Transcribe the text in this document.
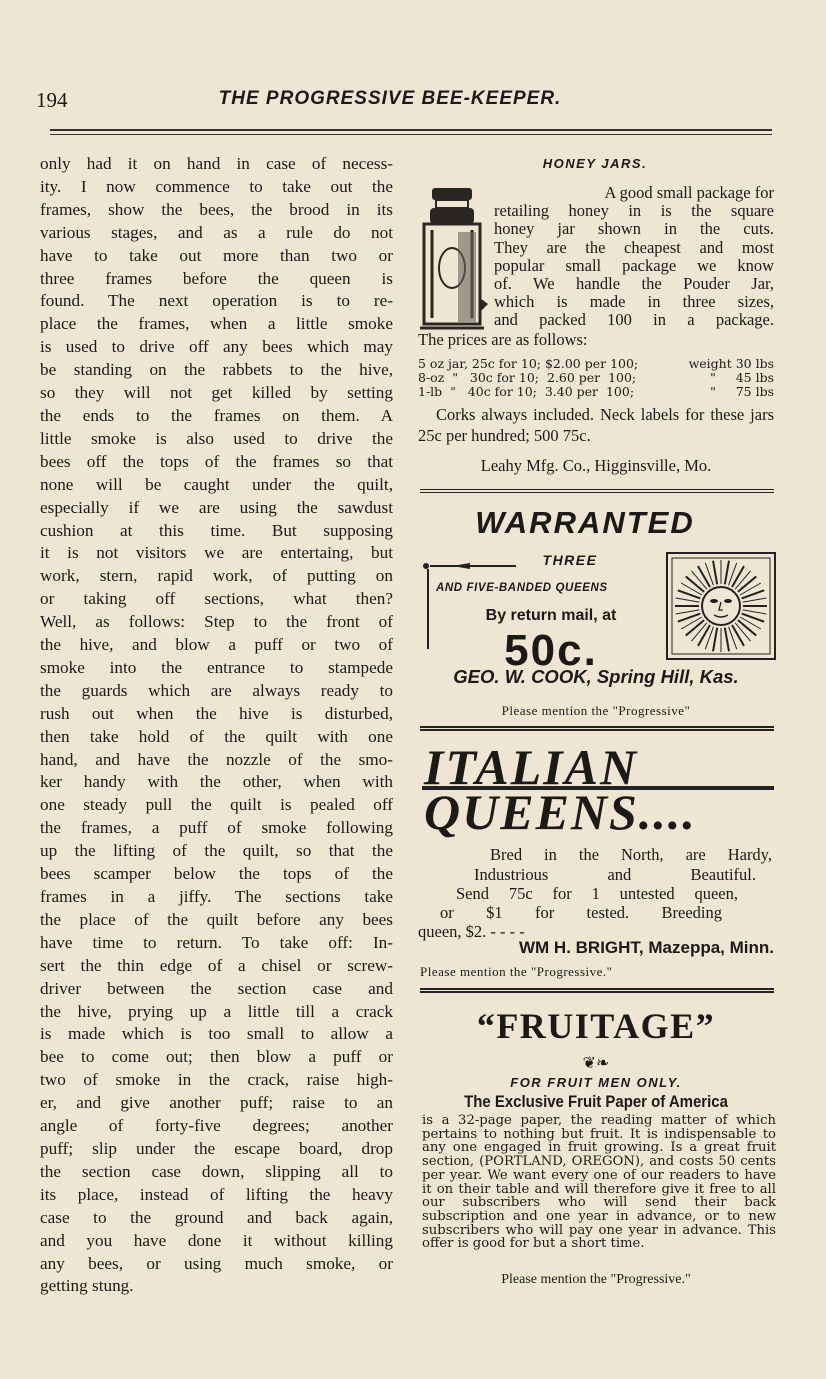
194	THE PROGRESSIVE BEE-KEEPER.
only had it on hand in case of necess-
ity. I now commence to take out the
frames, show the bees, the brood in its
various stages, and as a rule do not
have to take out more than two or
three frames before the queen is
found. The next operation is to re-
place the frames, when a little smoke
is used to drive off any bees which may
be standing on the rabbets to the hive,
so they will not get killed by setting
the ends to the frames on them. A
little smoke is also used to drive the
bees off the tops of the frames so that
none will be caught under the quilt,
especially if we are using the sawdust
cushion at this time. But supposing
it is not visitors we are entertaing, but
work, stern, rapid work, of putting on
or taking off sections, what then?
Well, as follows: Step to the front of
the hive, and blow a puff or two of
smoke into the entrance to stampede
the guards which are always ready to
rush out when the hive is disturbed,
then take hold of the quilt with one
hand, and have the nozzle of the smo-
ker handy with the other, when with
one steady pull the quilt is pealed off
the frames, a puff of smoke following
up the lifting of the quilt, so that the
bees scamper below the tops of the
frames in a jiffy. The sections take
the place of the quilt before any bees
have time to return. To take off: In-
sert the thin edge of a chisel or screw-
driver between the section case and
the hive, prying up a little till a crack
is made which is too small to allow a
bee to come out; then blow a puff or
two of smoke in the crack, raise high-
er, and give another puff; raise to an
angle of forty-five degrees; another
puff; slip under the escape board, drop
the section case down, slipping all to
its place, instead of lifting the heavy
case to the ground and back again,
and you have done it without killing
any bees, or using much smoke, or
getting stung.
HONEY JARS.
A good small package for
retailing honey in is the square
honey jar shown in the cuts.
They are the cheapest and most
popular small package we know
of. We handle the Pouder Jar,
which is made in three sizes,
and packed 100 in a package.
The prices are as follows:
5 oz jar, 25c for 10; $2.00 per 100;	weight 30 lbs
8-oz  "   30c for 10;  2.60 per  100;	"     45 lbs
1-lb  "   40c for 10;  3.40 per  100;	"     75 lbs
Corks always included. Neck labels for these jars 25c per hundred; 500 75c.
Leahy Mfg. Co., Higginsville, Mo.
WARRANTED
THREE
AND FIVE-BANDED QUEENS
By return mail, at
50c.
GEO. W. COOK, Spring Hill, Kas.
Please mention the "Progressive"
ITALIAN
QUEENS....
Bred in the North, are Hardy,
Industrious and Beautiful.
Send 75c for 1 untested queen,
or $1 for tested. Breeding
queen, $2. - - - -
WM H. BRIGHT, Mazeppa, Minn.
Please mention the "Progressive."
“FRUITAGE”
❦❧
FOR FRUIT MEN ONLY.
The Exclusive Fruit Paper of America
is a 32-page paper, the reading matter of which pertains to nothing but fruit. It is indispensable to any one engaged in fruit growing. Is a great fruit section, (PORTLAND, OREGON), and costs 50 cents per year. We want every one of our readers to have it on their table and will therefore give it free to all our subscribers who will send their back subscription and one year in advance, or to new subscribers who will pay one year in advance. This offer is good for but a short time.
Please mention the "Progressive."
